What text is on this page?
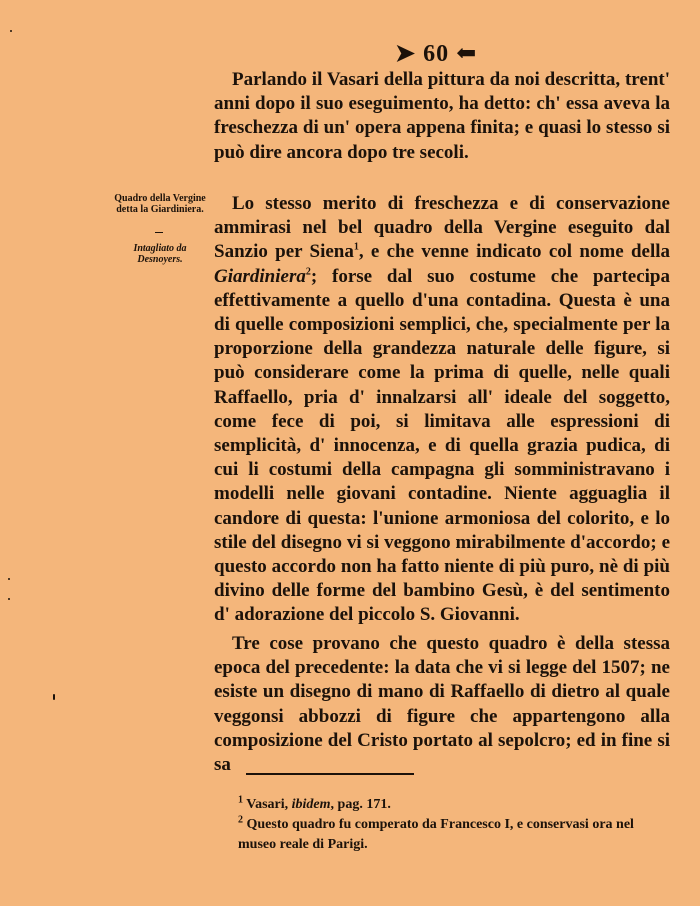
➤ 60 ⬅
Parlando il Vasari della pittura da noi descritta, trent' anni dopo il suo eseguimento, ha detto: ch' essa aveva la freschezza di un' opera appena finita; e quasi lo stesso si può dire ancora dopo tre secoli.
Quadro della Vergine detta la Giardiniera.
Intagliato da Desnoyers.
Lo stesso merito di freschezza e di conservazione ammirasi nel bel quadro della Vergine eseguito dal Sanzio per Siena$^1$, e che venne indicato col nome della Giardiniera$^2$; forse dal suo costume che partecipa effettivamente a quello d'una contadina. Questa è una di quelle composizioni semplici, che, specialmente per la proporzione della grandezza naturale delle figure, si può considerare come la prima di quelle, nelle quali Raffaello, pria d' innalzarsi all' ideale del soggetto, come fece di poi, si limitava alle espressioni di semplicità, d' innocenza, e di quella grazia pudica, di cui li costumi della campagna gli somministravano i modelli nelle giovani contadine. Niente agguaglia il candore di questa: l'unione armoniosa del colorito, e lo stile del disegno vi si veggono mirabilmente d'accordo; e questo accordo non ha fatto niente di più puro, nè di più divino delle forme del bambino Gesù, è del sentimento d' adorazione del piccolo S. Giovanni.
Tre cose provano che questo quadro è della stessa epoca del precedente: la data che vi si legge del 1507; ne esiste un disegno di mano di Raffaello di dietro al quale veggonsi abbozzi di figure che appartengono alla composizione del Cristo portato al sepolcro; ed in fine si sa
$^1$ Vasari, ibidem, pag. 171.
$^2$ Questo quadro fu comperato da Francesco I, e conservasi ora nel museo reale di Parigi.
